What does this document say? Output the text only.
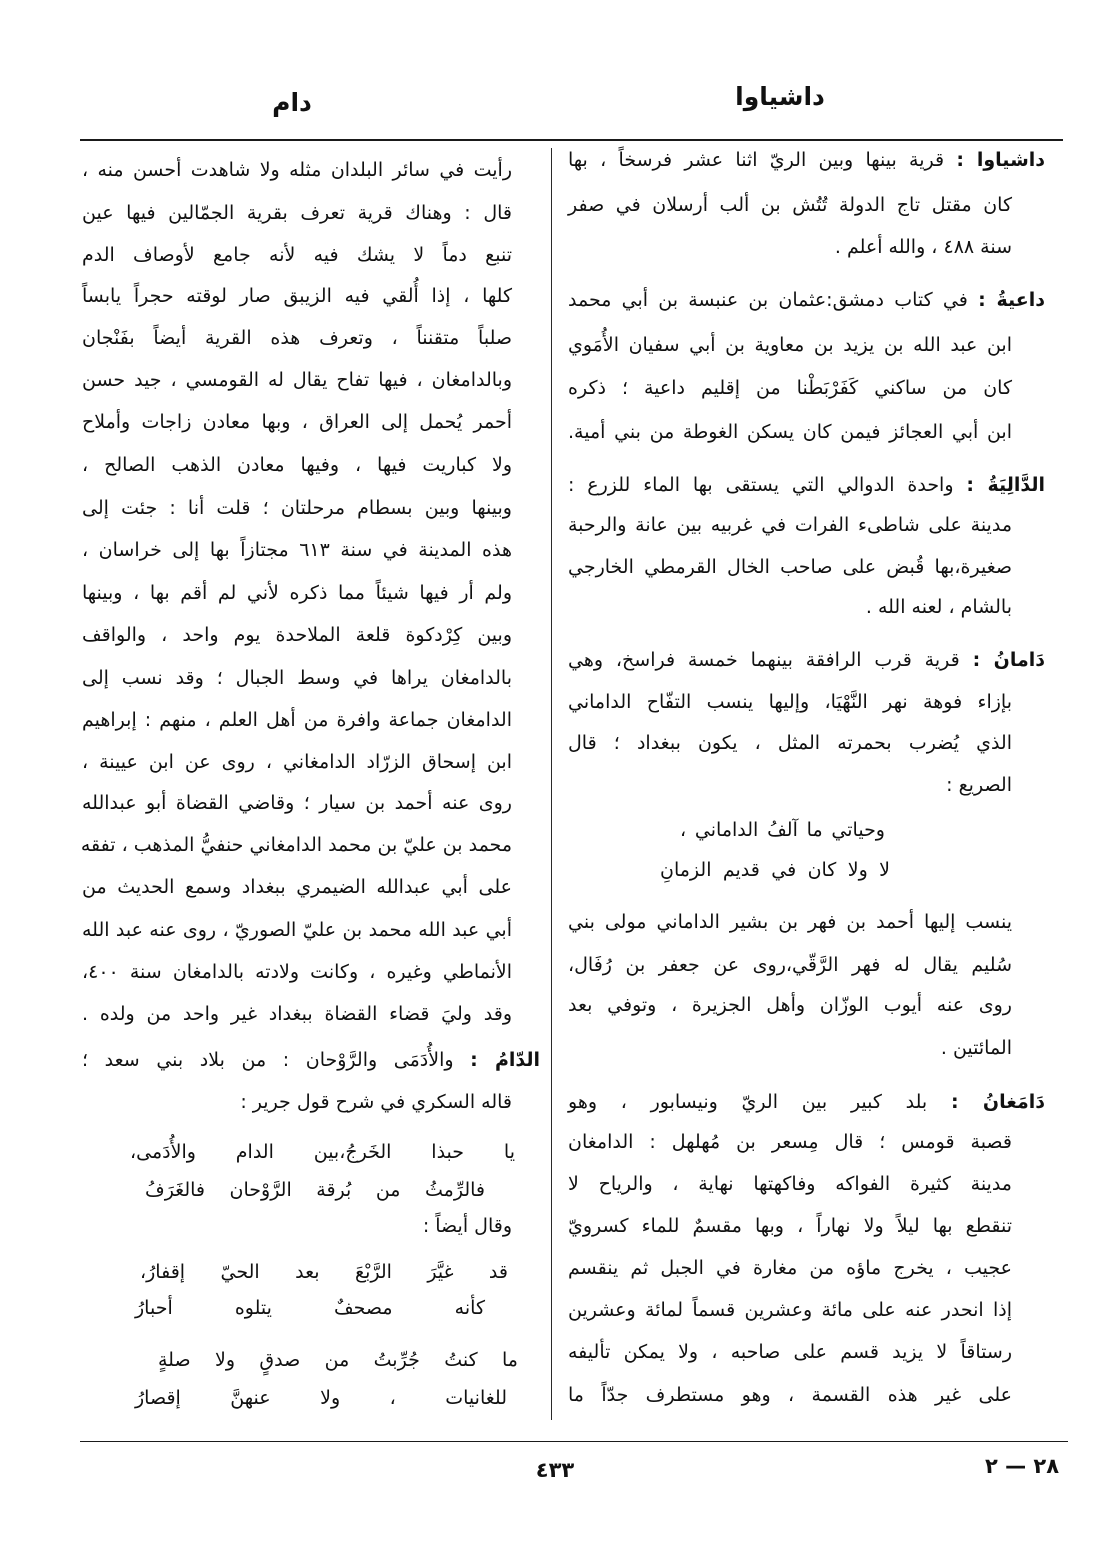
داشياوا
دام
داشياوا : قرية بينها وبين الريّ اثنا عشر فرسخاً ، بها
كان مقتل تاج الدولة تُتُش بن ألب أرسلان في صفر
سنة ٤٨٨ ، والله أعلم .
داعيةُ : في كتاب دمشق:عثمان بن عنبسة بن أبي محمد
ابن عبد الله بن يزيد بن معاوية بن أبي سفيان الأُمَوي
كان من ساكني كَفَرْبَطْنا من إقليم داعية ؛ ذكره
ابن أبي العجائز فيمن كان يسكن الغوطة من بني أمية.
الدَّالِيَةُ : واحدة الدوالي التي يستقى بها الماء للزرع :
مدينة على شاطىء الفرات في غربيه بين عانة والرحبة
صغيرة،بها قُبض على صاحب الخال القرمطي الخارجي
بالشام ، لعنه الله .
دَامانُ : قرية قرب الرافقة بينهما خمسة فراسخ، وهي
بإزاء فوهة نهر النَّهْيَا، وإليها ينسب التفّاح الداماني
الذي يُضرب بحمرته المثل ، يكون ببغداد ؛ قال
الصريع :
وحياتي ما آلفُ الداماني ،
لا ولا كان في قديم الزمانِ
ينسب إليها أحمد بن فهر بن بشير الداماني مولى بني
سُليم يقال له فهر الرَّقّي،روى عن جعفر بن رُفَال،
روى عنه أيوب الوزّان وأهل الجزيرة ، وتوفي بعد
المائتين .
دَامَغانُ : بلد كبير بين الريّ ونيسابور ، وهو
قصبة قومس ؛ قال مِسعر بن مُهلهل : الدامغان
مدينة كثيرة الفواكه وفاكهتها نهاية ، والرياح لا
تنقطع بها ليلاً ولا نهاراً ، وبها مقسمٌ للماء كسرويّ
عجيب ، يخرج ماؤه من مغارة في الجبل ثم ينقسم
إذا انحدر عنه على مائة وعشرين قسماً لمائة وعشرين
رستاقاً لا يزيد قسم على صاحبه ، ولا يمكن تأليفه
على غير هذه القسمة ، وهو مستطرف جدّاً ما
رأيت في سائر البلدان مثله ولا شاهدت أحسن منه ،
قال : وهناك قرية تعرف بقرية الجمّالين فيها عين
تنبع دماً لا يشك فيه لأنه جامع لأوصاف الدم
كلها ، إذا أُلقي فيه الزيبق صار لوقته حجراً يابساً
صلباً متقنناً ، وتعرف هذه القرية أيضاً بفَنْجان
وبالدامغان ، فيها تفاح يقال له القومسي ، جيد حسن
أحمر يُحمل إلى العراق ، وبها معادن زاجات وأملاح
ولا كباريت فيها ، وفيها معادن الذهب الصالح ،
وبينها وبين بسطام مرحلتان ؛ قلت أنا : جئت إلى
هذه المدينة في سنة ٦١٣ مجتازاً بها إلى خراسان ،
ولم أر فيها شيئاً مما ذكره لأني لم أقم بها ، وبينها
وبين كِرْدكوة قلعة الملاحدة يوم واحد ، والواقف
بالدامغان يراها في وسط الجبال ؛ وقد نسب إلى
الدامغان جماعة وافرة من أهل العلم ، منهم : إبراهيم
ابن إسحاق الزرّاد الدامغاني ، روى عن ابن عيينة ،
روى عنه أحمد بن سيار ؛ وقاضي القضاة أبو عبدالله
محمد بن عليّ بن محمد الدامغاني حنفيُّ المذهب ، تفقه
على أبي عبدالله الضيمري ببغداد وسمع الحديث من
أبي عبد الله محمد بن عليّ الصوريّ ، روى عنه عبد الله
الأنماطي وغيره ، وكانت ولادته بالدامغان سنة ٤٠٠،
وقد وليَ قضاء القضاة ببغداد غير واحد من ولده .
الدّامُ : والأُدَمَى والرَّوْحان : من بلاد بني سعد ؛
قاله السكري في شرح قول جرير :
يا حبذا الخَرجُ،بين الدام والأُدَمى،
فالرِّمثُ من بُرقة الرَّوْحان فالغَرَفُ
وقال أيضاً :
قد غيَّرَ الرَّبْعَ بعد الحيّ إقفارُ،
كأنه مصحفٌ يتلوه أحبارُ
ما كنتُ جُرِّبتُ من صدقٍ ولا صلةٍ
للغانيات ، ولا عنهنَّ إقصارُ
٤٣٣	٢٨ — ٢
